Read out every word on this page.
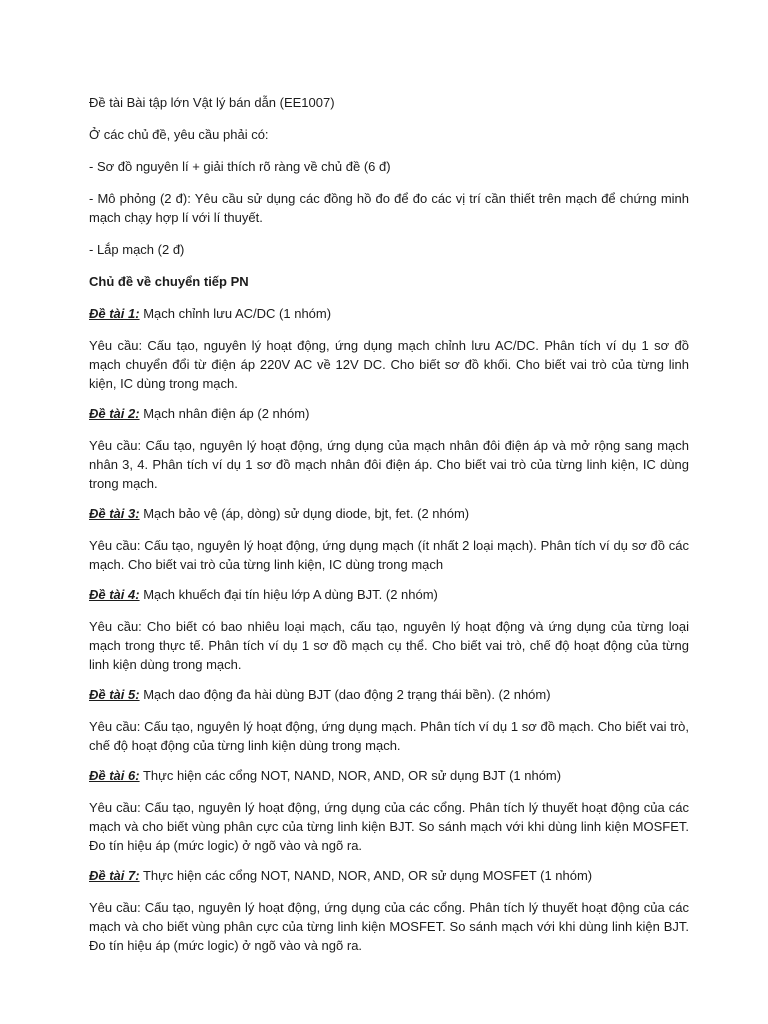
Đề tài Bài tập lớn Vật lý bán dẫn (EE1007)

Ở các chủ đề, yêu cầu phải có:

- Sơ đồ nguyên lí + giải thích rõ ràng về chủ đề (6 đ)

- Mô phỏng (2 đ): Yêu cầu sử dụng các đồng hồ đo để đo các vị trí cần thiết trên mạch để chứng minh mạch chạy hợp lí với lí thuyết.

- Lắp mạch (2 đ)

Chủ đề về chuyển tiếp PN

Đề tài 1: Mạch chỉnh lưu AC/DC (1 nhóm)

Yêu cầu: Cấu tạo, nguyên lý hoạt động, ứng dụng mạch chỉnh lưu AC/DC. Phân tích ví dụ 1 sơ đồ mạch chuyển đổi từ điện áp 220V AC về 12V DC. Cho biết sơ đồ khối. Cho biết vai trò của từng linh kiện, IC dùng trong mạch.

Đề tài 2: Mạch nhân điện áp (2 nhóm)

Yêu cầu: Cấu tạo, nguyên lý hoạt động, ứng dụng của mạch nhân đôi điện áp và mở rộng sang mạch nhân 3, 4. Phân tích ví dụ 1 sơ đồ mạch nhân đôi điện áp. Cho biết vai trò của từng linh kiện, IC dùng trong mạch.

Đề tài 3: Mạch bảo vệ (áp, dòng) sử dụng diode, bjt, fet. (2 nhóm)

Yêu cầu: Cấu tạo, nguyên lý hoạt động, ứng dụng mạch (ít nhất 2 loại mạch). Phân tích ví dụ sơ đồ các mạch. Cho biết vai trò của từng linh kiện, IC dùng trong mạch

Đề tài 4: Mạch khuếch đại tín hiệu lớp A dùng BJT. (2 nhóm)

Yêu cầu: Cho biết có bao nhiêu loại mạch, cấu tạo, nguyên lý hoạt động và ứng dụng của từng loại mạch trong thực tế. Phân tích ví dụ 1 sơ đồ mạch cụ thể. Cho biết vai trò, chế độ hoạt động của từng linh kiện dùng trong mạch.

Đề tài 5: Mạch dao động đa hài dùng BJT (dao động 2 trạng thái bền). (2 nhóm)

Yêu cầu: Cấu tạo, nguyên lý hoạt động, ứng dụng mạch. Phân tích ví dụ 1 sơ đồ mạch. Cho biết vai trò, chế độ hoạt động của từng linh kiện dùng trong mạch.

Đề tài 6: Thực hiện các cổng NOT, NAND, NOR, AND, OR sử dụng BJT (1 nhóm)

Yêu cầu: Cấu tạo, nguyên lý hoạt động, ứng dụng của các cổng. Phân tích lý thuyết hoạt động của các mạch và cho biết vùng phân cực của từng linh kiện BJT. So sánh mạch với khi dùng linh kiện MOSFET. Đo tín hiệu áp (mức logic) ở ngõ vào và ngõ ra.

Đề tài 7: Thực hiện các cổng NOT, NAND, NOR, AND, OR sử dụng MOSFET (1 nhóm)

Yêu cầu: Cấu tạo, nguyên lý hoạt động, ứng dụng của các cổng. Phân tích lý thuyết hoạt động của các mạch và cho biết vùng phân cực của từng linh kiện MOSFET. So sánh mạch với khi dùng linh kiện BJT. Đo tín hiệu áp (mức logic) ở ngõ vào và ngõ ra.
